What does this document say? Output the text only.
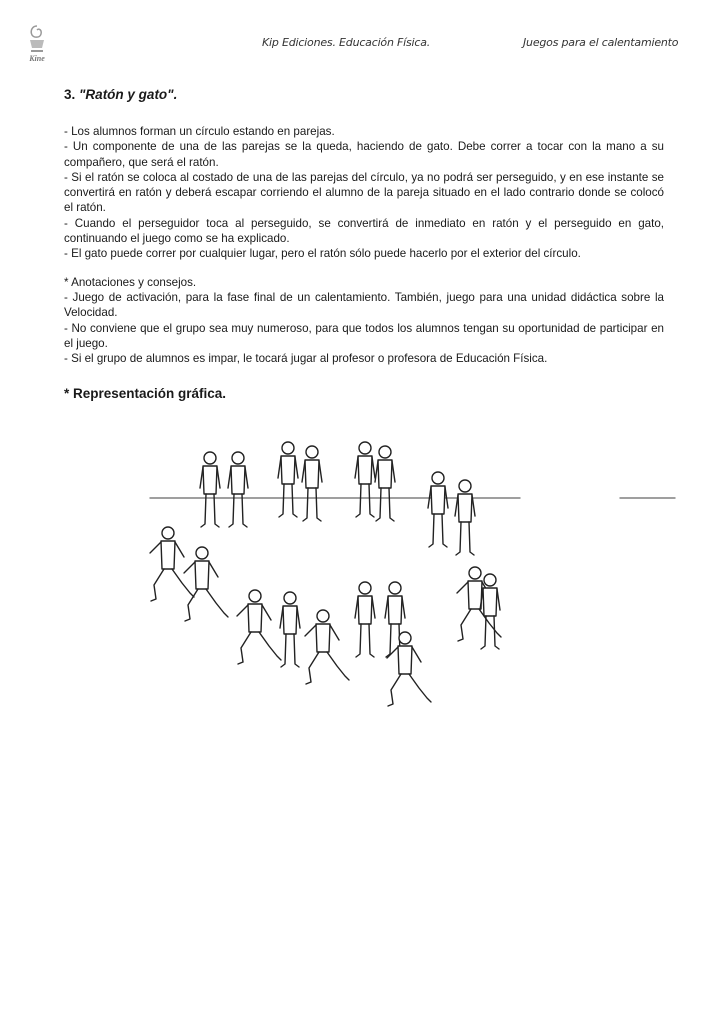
Kine
Kip Ediciones. Educación Física.	Juegos para el calentamiento
3. "Ratón y gato".

- Los alumnos forman un círculo estando en parejas.

- Un componente de una de las parejas se la queda, haciendo de gato. Debe correr a tocar con la mano a su compañero, que será el ratón.

- Si el ratón se coloca al costado de una de las parejas del círculo, ya no podrá ser perseguido, y en ese instante se convertirá en ratón y deberá escapar corriendo el alumno de la pareja situado en el lado contrario donde se colocó el ratón.

- Cuando el perseguidor toca al perseguido, se convertirá de inmediato en ratón y el perseguido en gato, continuando el juego como se ha explicado.

- El gato puede correr por cualquier lugar, pero el ratón sólo puede hacerlo por el exterior del círculo.

* Anotaciones y consejos.

- Juego de activación, para la fase final de un calentamiento. También, juego para una unidad didáctica sobre la Velocidad.

- No conviene que el grupo sea muy numeroso, para que todos los alumnos tengan su oportunidad de participar en el juego.

- Si el grupo de alumnos es impar, le tocará jugar al profesor o profesora de Educación Física.

* Representación gráfica.
